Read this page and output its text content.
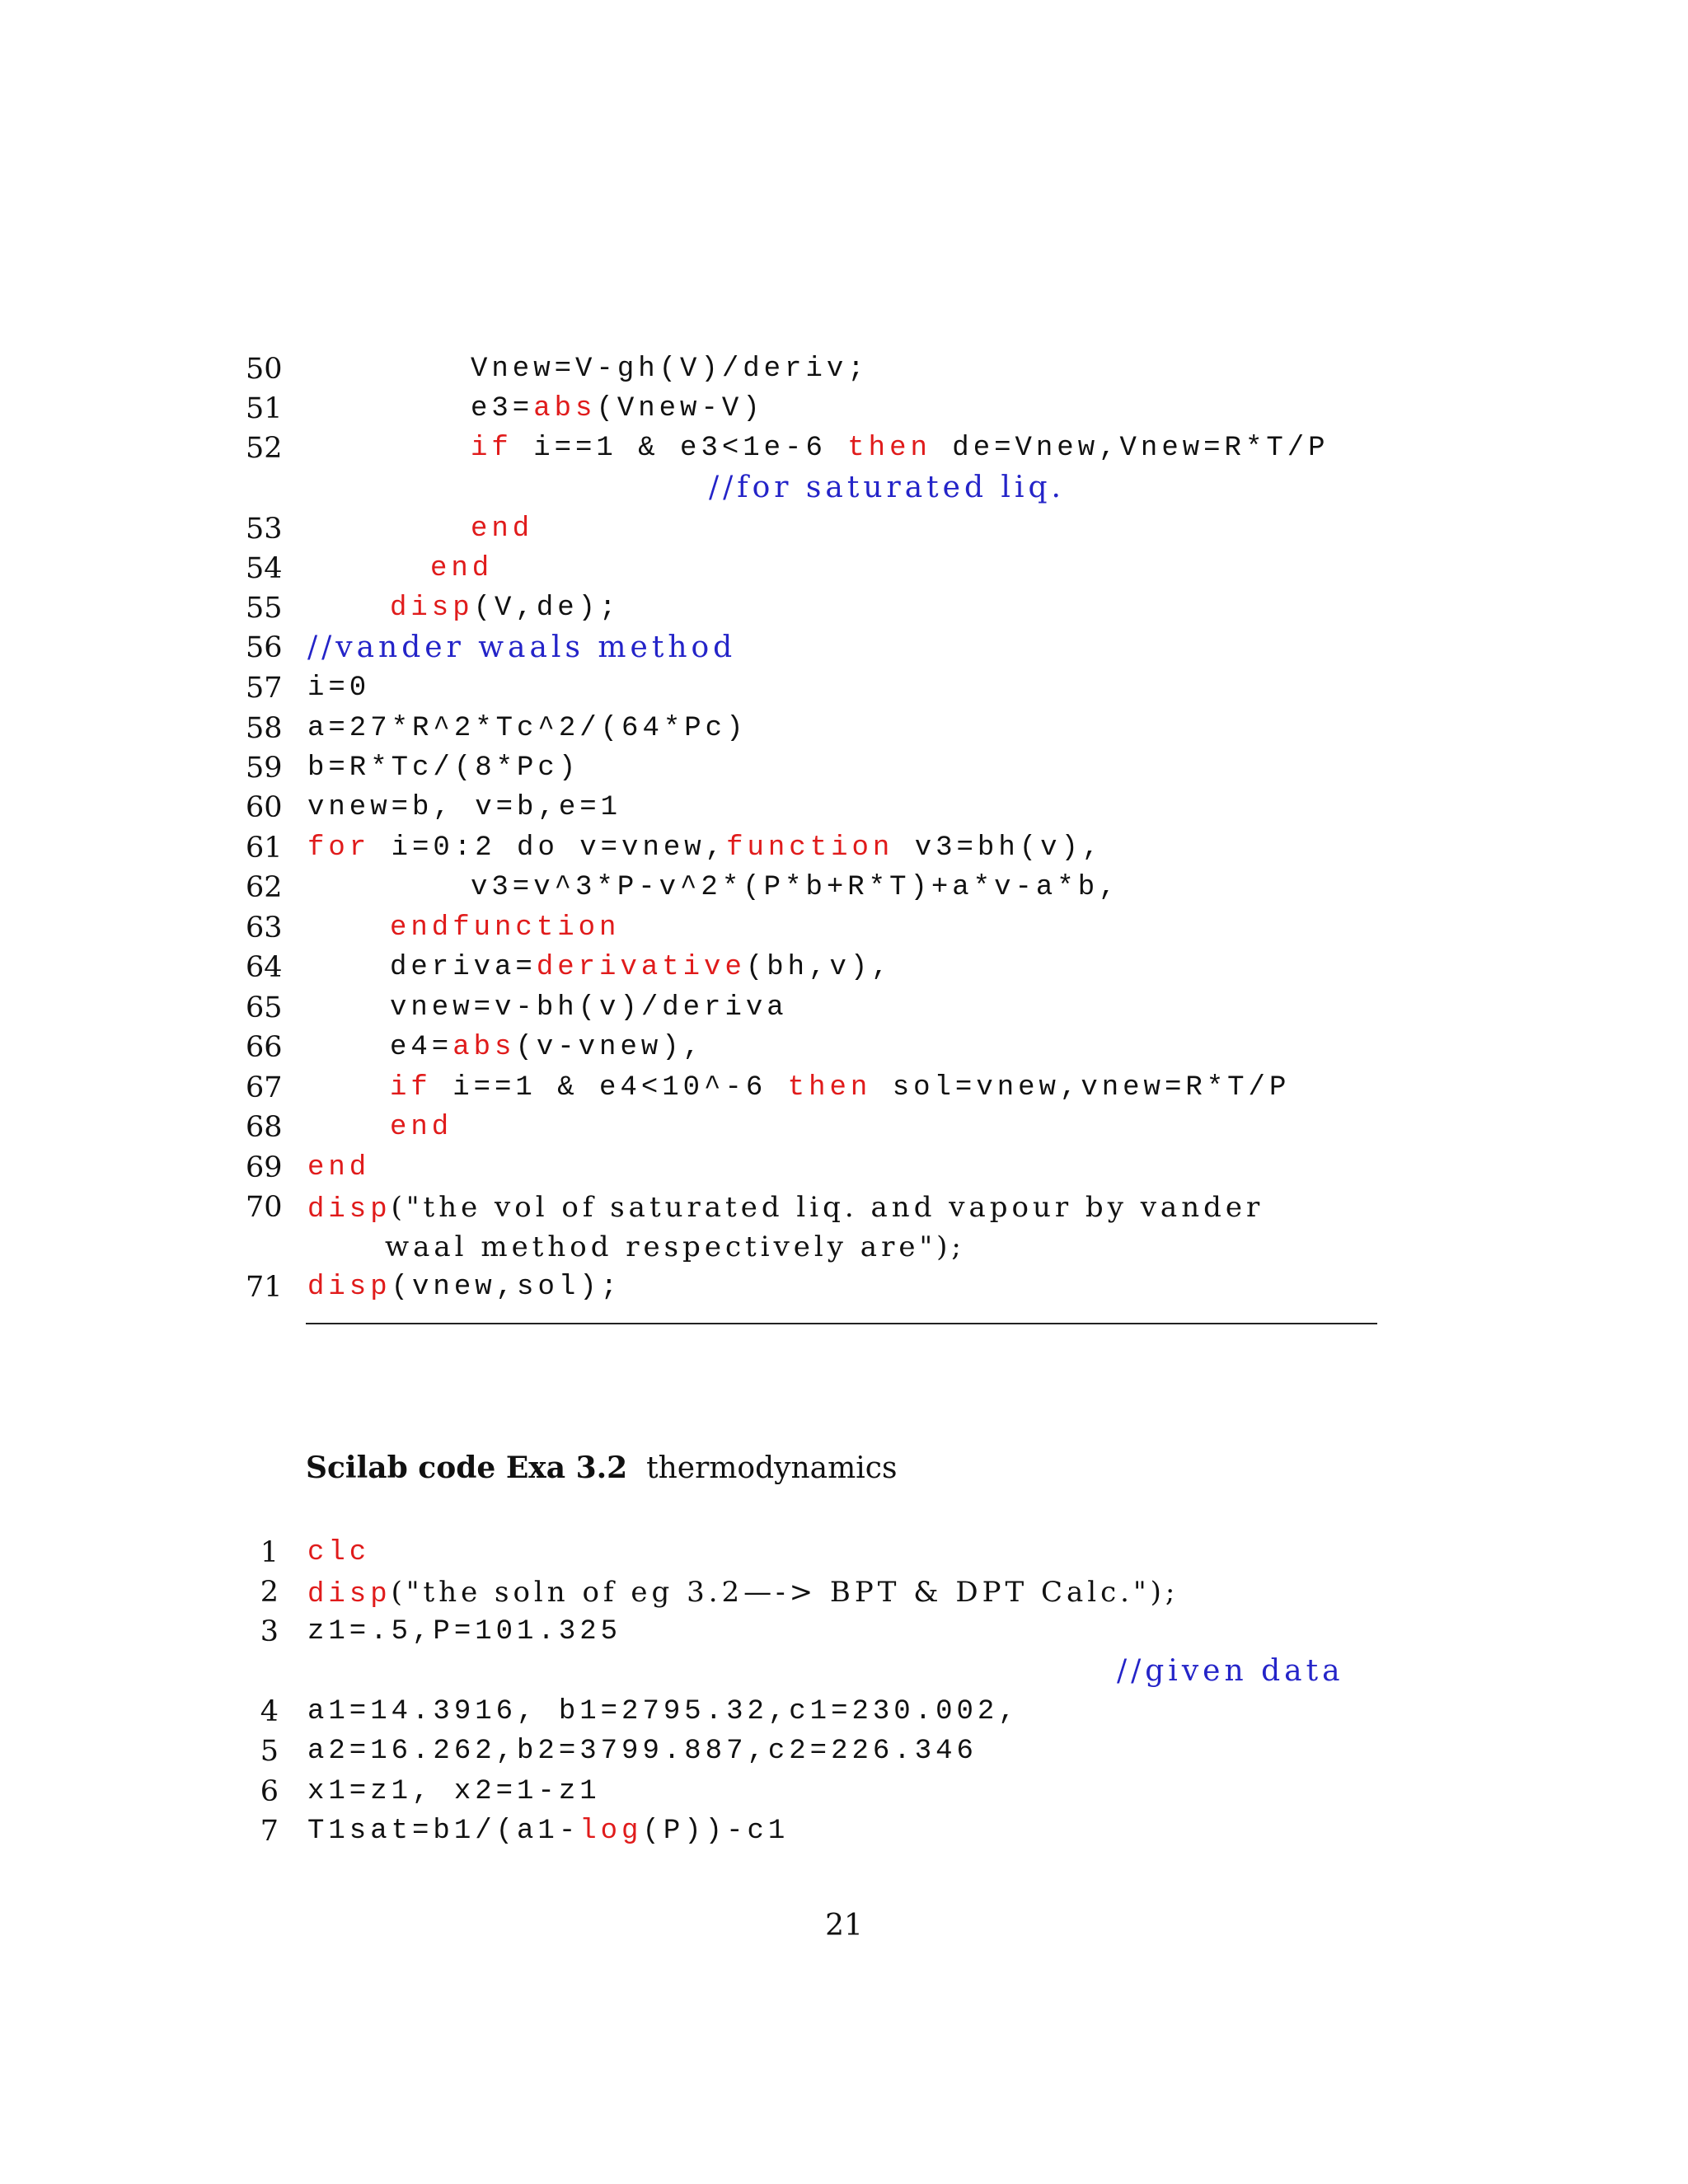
50	Vnew=V-gh(V)/deriv;
51	e3=abs(Vnew-V)
52	if i==1 & e3<1e-6 then de=Vnew,Vnew=R*T/P
//for saturated liq.
53	end
54	end
55	disp(V,de);
56 //vander waals method
57 i=0
58 a=27*R^2*Tc^2/(64*Pc)
59 b=R*Tc/(8*Pc)
60 vnew=b, v=b,e=1
61 for i=0:2 do v=vnew,function v3=bh(v),
62	v3=v^3*P-v^2*(P*b+R*T)+a*v-a*b,
63	endfunction
64	deriva=derivative(bh,v),
65	vnew=v-bh(v)/deriva
66	e4=abs(v-vnew),
67	if i==1 & e4<10^-6 then sol=vnew,vnew=R*T/P
68	end
69 end
70 disp("the vol of saturated liq. and vapour by vander
waal method respectively are");
71 disp(vnew,sol);
Scilab code Exa 3.2 thermodynamics
1 clc
2 disp("the soln of eg 3.2—-> BPT & DPT Calc.");
3 z1=.5,P=101.325
//given data
4 a1=14.3916, b1=2795.32,c1=230.002,
5 a2=16.262,b2=3799.887,c2=226.346
6 x1=z1, x2=1-z1
7 T1sat=b1/(a1-log(P))-c1
21
